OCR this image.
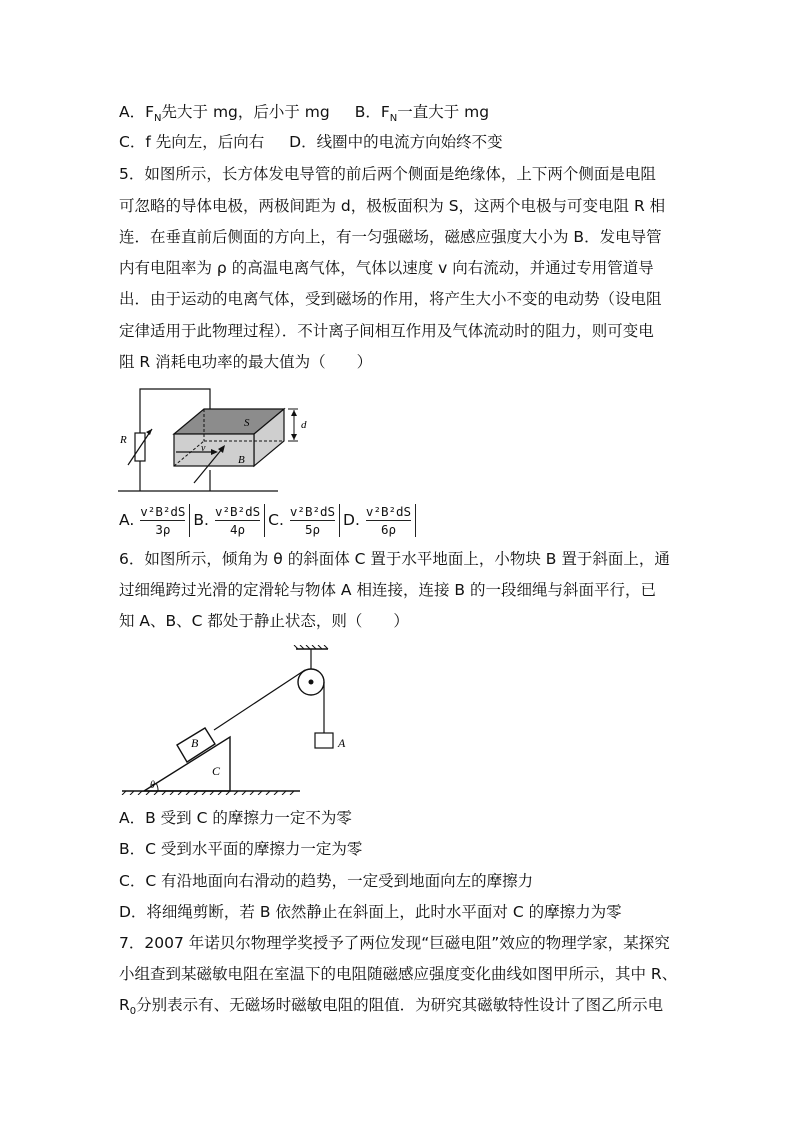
A．$F_N$先大于 mg，后小于 mg B．$F_N$一直大于 mg
C．f 先向左，后向右 D．线圈中的电流方向始终不变
5．如图所示，长方体发电导管的前后两个侧面是绝缘体，上下两个侧面是电阻
可忽略的导体电极，两极间距为 d，极板面积为 S，这两个电极与可变电阻 R 相
连．在垂直前后侧面的方向上，有一匀强磁场，磁感应强度大小为 B．发电导管
内有电阻率为 ρ 的高温电离气体，气体以速度 v 向右流动，并通过专用管道导
出．由于运动的电离气体，受到磁场的作用，将产生大小不变的电动势（设电阻
定律适用于此物理过程）．不计离子间相互作用及气体流动时的阻力，则可变电
阻 R 消耗电功率的最大值为（　　）
R
S	d
v
B
A. $\frac{\text{v²B²dS}}{3\rho} B$. $\frac{\text{v²B²dS}}{4\rho} C$. $\frac{\text{v²B²dS}}{5\rho} D$. $\frac{\text{v²B²dS}}{6\rho}$
6．如图所示，倾角为 θ 的斜面体 C 置于水平地面上，小物块 B 置于斜面上，通
过细绳跨过光滑的定滑轮与物体 A 相连接，连接 B 的一段细绳与斜面平行，已
知 A、B、C 都处于静止状态，则（　　）
θ
B
C
A
A．B 受到 C 的摩擦力一定不为零
B．C 受到水平面的摩擦力一定为零
C．C 有沿地面向右滑动的趋势，一定受到地面向左的摩擦力
D．将细绳剪断，若 B 依然静止在斜面上，此时水平面对 C 的摩擦力为零
7．2007 年诺贝尔物理学奖授予了两位发现“巨磁电阻”效应的物理学家，某探究
小组查到某磁敏电阻在室温下的电阻随磁感应强度变化曲线如图甲所示，其中 R、
$R_0$分别表示有、无磁场时磁敏电阻的阻值．为研究其磁敏特性设计了图乙所示电
